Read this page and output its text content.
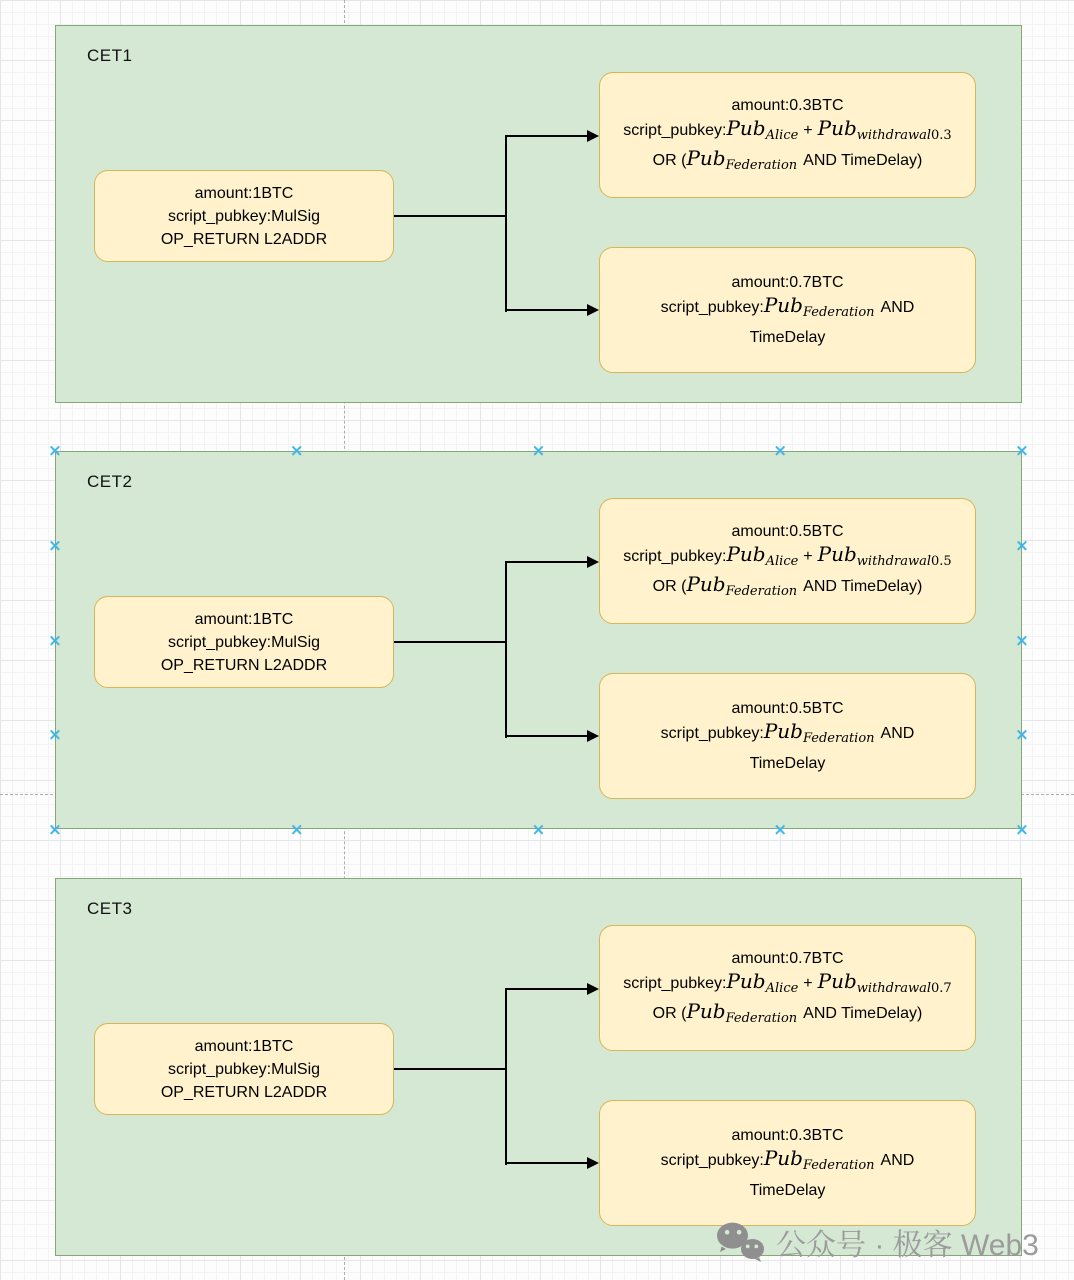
CET1
amount:1BTC
script_pubkey:MulSig
OP_RETURN L2ADDR
amount:0.3BTC
script_pubkey:Pub$_{Alice}$ + Pub$_{withdrawal0.3}$
OR (Pub$_{Federation}$ AND TimeDelay)
amount:0.7BTC
script_pubkey:Pub$_{Federation}$ AND
TimeDelay
CET2
amount:1BTC
script_pubkey:MulSig
OP_RETURN L2ADDR
amount:0.5BTC
script_pubkey:Pub$_{Alice}$ + Pub$_{withdrawal0.5}$
OR (Pub$_{Federation}$ AND TimeDelay)
amount:0.5BTC
script_pubkey:Pub$_{Federation}$ AND
TimeDelay
CET3
amount:1BTC
script_pubkey:MulSig
OP_RETURN L2ADDR
amount:0.7BTC
script_pubkey:Pub$_{Alice}$ + Pub$_{withdrawal0.7}$
OR (Pub$_{Federation}$ AND TimeDelay)
amount:0.3BTC
script_pubkey:Pub$_{Federation}$ AND
TimeDelay
公众号 · 极客 Web3
✕
✕
✕
✕
✕
✕	✕
✕
✕
✕	✕
✕
✕
✕	✕
✕
